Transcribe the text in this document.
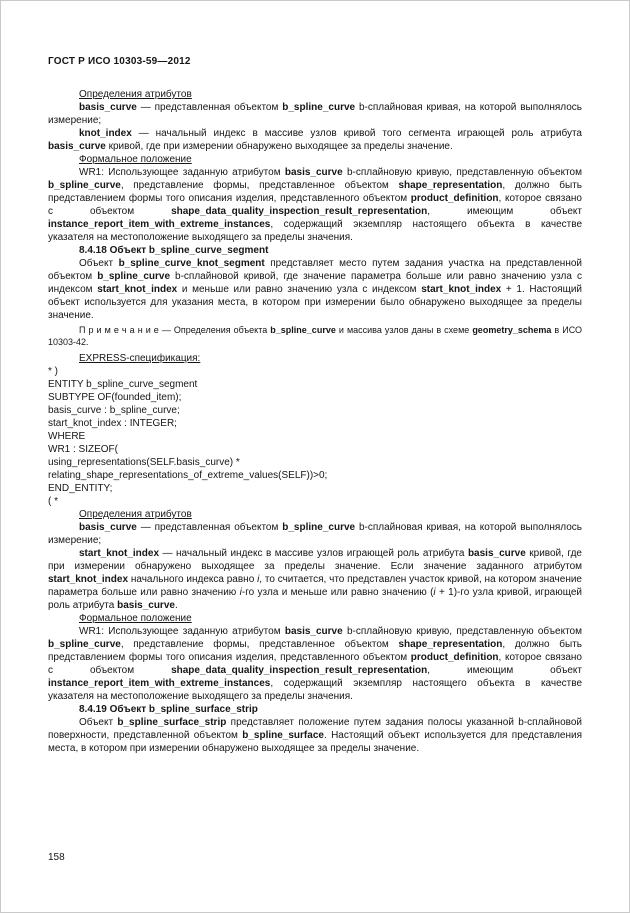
ГОСТ Р ИСО 10303-59—2012
Определения атрибутов
basis_curve — представленная объектом b_spline_curve b-сплайновая кривая, на которой выполнялось измерение;
knot_index — начальный индекс в массиве узлов кривой того сегмента играющей роль атрибута basis_curve кривой, где при измерении обнаружено выходящее за пределы значение.
Формальное положение
WR1: Использующее заданную атрибутом basis_curve b-сплайновую кривую, представленную объектом b_spline_curve, представление формы, представленное объектом shape_representation, должно быть представлением формы того описания изделия, представленного объектом product_definition, которое связано с объектом shape_data_quality_inspection_result_representation, имеющим объект instance_report_item_with_extreme_instances, содержащий экземпляр настоящего объекта в качестве указателя на местоположение выходящего за пределы значения.
8.4.18 Объект b_spline_curve_segment
Объект b_spline_curve_knot_segment представляет место путем задания участка на представленной объектом b_spline_curve b-сплайновой кривой, где значение параметра больше или равно значению узла с индексом start_knot_index и меньше или равно значению узла с индексом start_knot_index + 1. Настоящий объект используется для указания места, в котором при измерении было обнаружено выходящее за пределы значение.
П р и м е ч а н и е — Определения объекта b_spline_curve и массива узлов даны в схеме geometry_schema в ИСО 10303-42.
EXPRESS-спецификация:
* )
ENTITY b_spline_curve_segment
SUBTYPE OF(founded_item);
basis_curve : b_spline_curve;
start_knot_index : INTEGER;
WHERE
WR1 : SIZEOF(
using_representations(SELF.basis_curve) *
relating_shape_representations_of_extreme_values(SELF))>0;
END_ENTITY;
( *
Определения атрибутов
basis_curve — представленная объектом b_spline_curve b-сплайновая кривая, на которой выполнялось измерение;
start_knot_index — начальный индекс в массиве узлов играющей роль атрибута basis_curve кривой, где при измерении обнаружено выходящее за пределы значение. Если значение заданного атрибутом start_knot_index начального индекса равно i, то считается, что представлен участок кривой, на котором значение параметра больше или равно значению i-го узла и меньше или равно значению (i + 1)-го узла кривой, играющей роль атрибута basis_curve.
Формальное положение
WR1: Использующее заданную атрибутом basis_curve b-сплайновую кривую, представленную объектом b_spline_curve, представление формы, представленное объектом shape_representation, должно быть представлением формы того описания изделия, представленного объектом product_definition, которое связано с объектом shape_data_quality_inspection_result_representation, имеющим объект instance_report_item_with_extreme_instances, содержащий экземпляр настоящего объекта в качестве указателя на местоположение выходящего за пределы значения.
8.4.19 Объект b_spline_surface_strip
Объект b_spline_surface_strip представляет положение путем задания полосы указанной b-сплайновой поверхности, представленной объектом b_spline_surface. Настоящий объект используется для представления места, в котором при измерении обнаружено выходящее за пределы значение.
158
